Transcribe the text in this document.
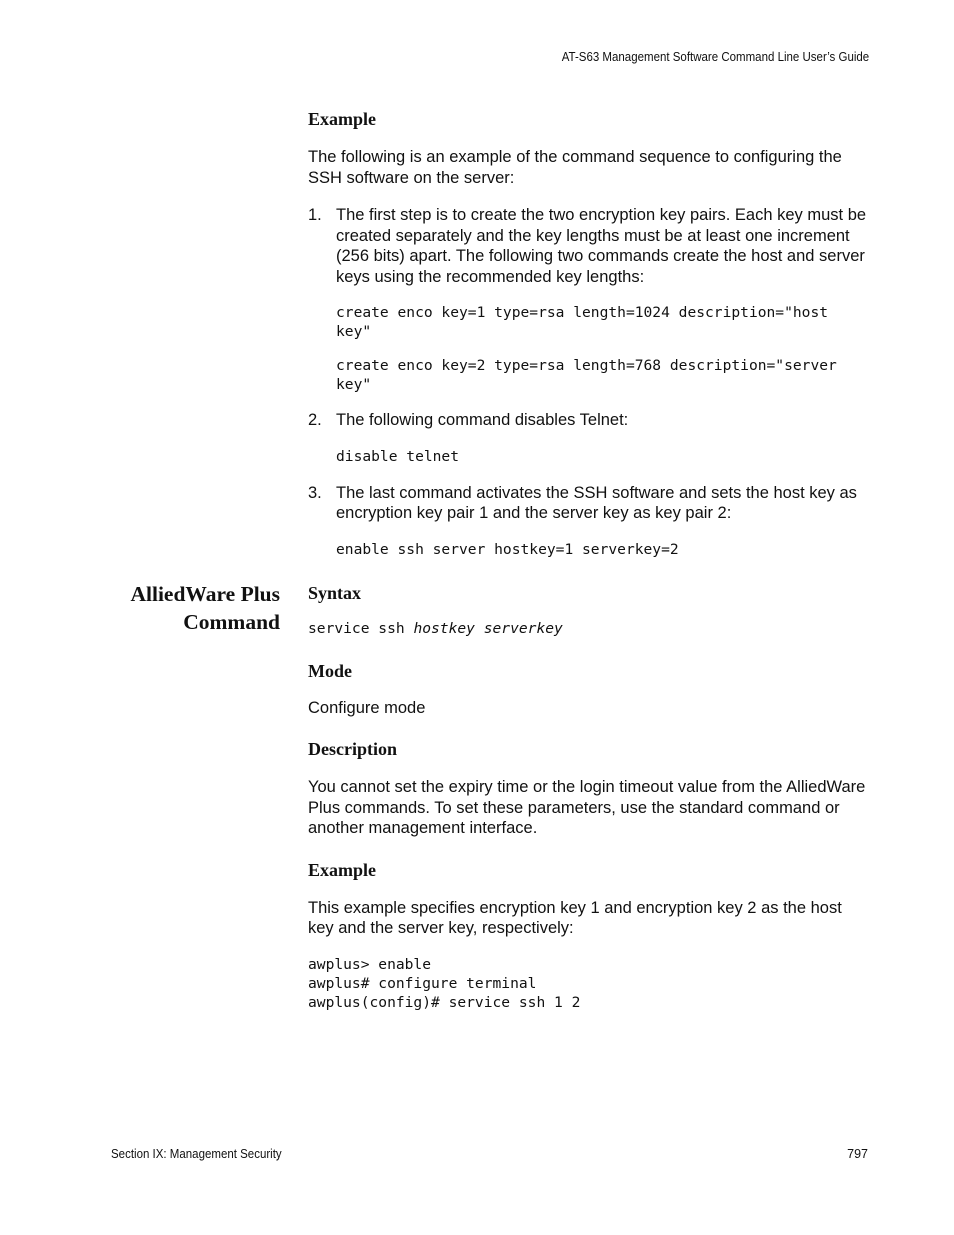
AT-S63 Management Software Command Line User’s Guide
AlliedWare Plus
Command
Example

The following is an example of the command sequence to configuring the SSH software on the server:

1. The first step is to create the two encryption key pairs. Each key must be created separately and the key lengths must be at least one increment (256 bits) apart. The following two commands create the host and server keys using the recommended key lengths:

create enco key=1 type=rsa length=1024 description="host key"
create enco key=2 type=rsa length=768 description="server key"
2. The following command disables Telnet:

disable telnet
3. The last command activates the SSH software and sets the host key as encryption key pair 1 and the server key as key pair 2:

enable ssh server hostkey=1 serverkey=2
Syntax
service ssh hostkey serverkey
Mode

Configure mode

Description

You cannot set the expiry time or the login timeout value from the AlliedWare Plus commands. To set these parameters, use the standard command or another management interface.

Example

This example specifies encryption key 1 and encryption key 2 as the host key and the server key, respectively:

awplus> enable
awplus# configure terminal
awplus(config)# service ssh 1 2
Section IX: Management Security	797
